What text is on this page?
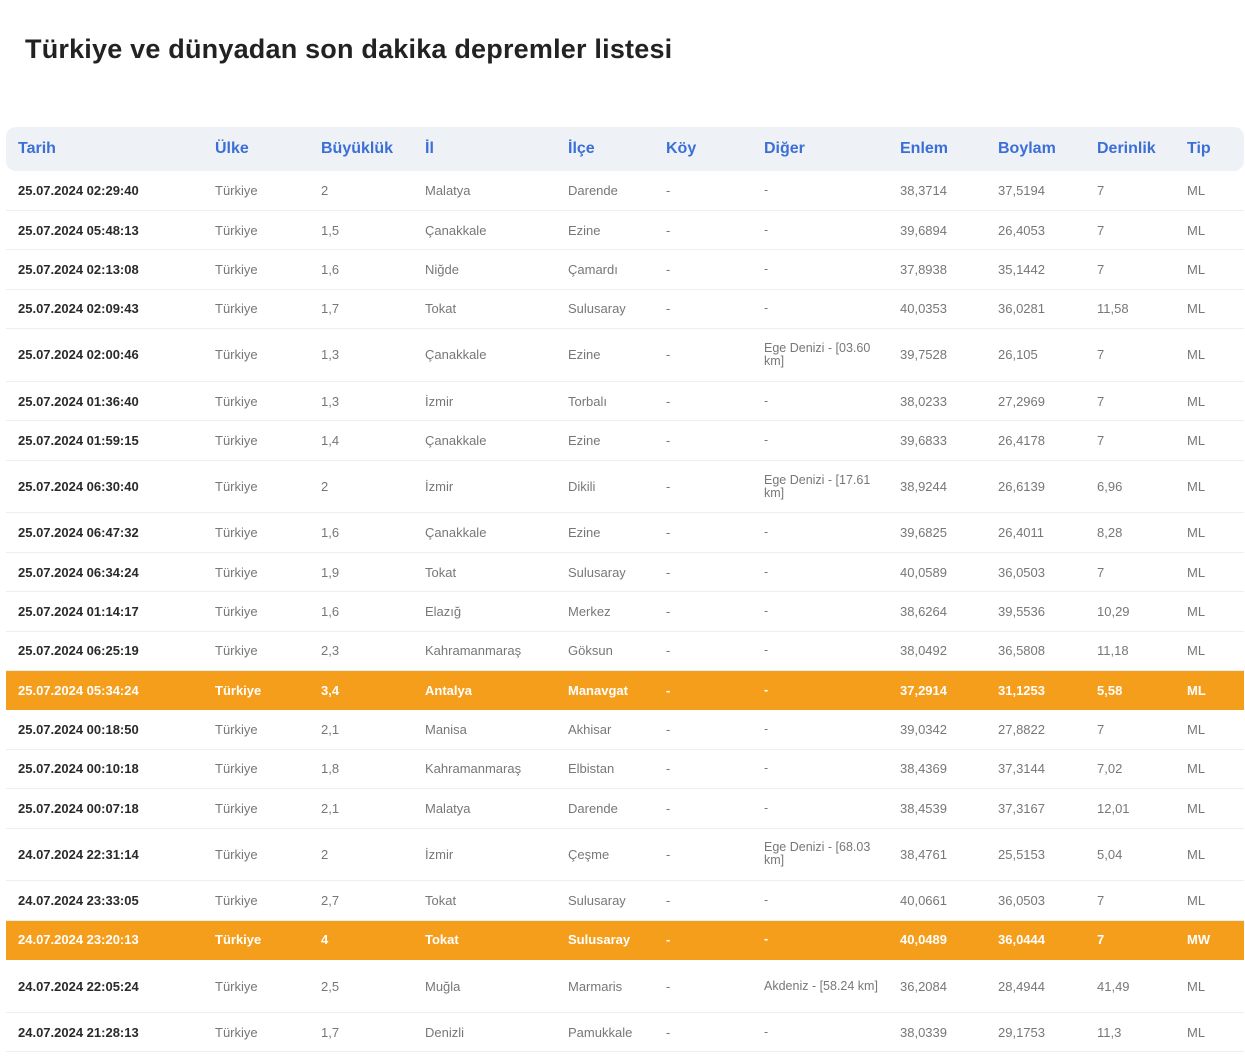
Türkiye ve dünyadan son dakika depremler listesi
Tarih	Ülke	Büyüklük	İl	İlçe	Köy	Diğer	Enlem	Boylam	Derinlik	Tip
25.07.2024 02:29:40	Türkiye	2	Malatya	Darende	-	-	38,3714	37,5194	7	ML
25.07.2024 05:48:13	Türkiye	1,5	Çanakkale	Ezine	-	-	39,6894	26,4053	7	ML
25.07.2024 02:13:08	Türkiye	1,6	Niğde	Çamardı	-	-	37,8938	35,1442	7	ML
25.07.2024 02:09:43	Türkiye	1,7	Tokat	Sulusaray	-	-	40,0353	36,0281	11,58	ML
25.07.2024 02:00:46	Türkiye	1,3	Çanakkale	Ezine	-	Ege Denizi - [03.60 km]	39,7528	26,105	7	ML
25.07.2024 01:36:40	Türkiye	1,3	İzmir	Torbalı	-	-	38,0233	27,2969	7	ML
25.07.2024 01:59:15	Türkiye	1,4	Çanakkale	Ezine	-	-	39,6833	26,4178	7	ML
25.07.2024 06:30:40	Türkiye	2	İzmir	Dikili	-	Ege Denizi - [17.61 km]	38,9244	26,6139	6,96	ML
25.07.2024 06:47:32	Türkiye	1,6	Çanakkale	Ezine	-	-	39,6825	26,4011	8,28	ML
25.07.2024 06:34:24	Türkiye	1,9	Tokat	Sulusaray	-	-	40,0589	36,0503	7	ML
25.07.2024 01:14:17	Türkiye	1,6	Elazığ	Merkez	-	-	38,6264	39,5536	10,29	ML
25.07.2024 06:25:19	Türkiye	2,3	Kahramanmaraş	Göksun	-	-	38,0492	36,5808	11,18	ML
25.07.2024 05:34:24	Türkiye	3,4	Antalya	Manavgat	-	-	37,2914	31,1253	5,58	ML
25.07.2024 00:18:50	Türkiye	2,1	Manisa	Akhisar	-	-	39,0342	27,8822	7	ML
25.07.2024 00:10:18	Türkiye	1,8	Kahramanmaraş	Elbistan	-	-	38,4369	37,3144	7,02	ML
25.07.2024 00:07:18	Türkiye	2,1	Malatya	Darende	-	-	38,4539	37,3167	12,01	ML
24.07.2024 22:31:14	Türkiye	2	İzmir	Çeşme	-	Ege Denizi - [68.03 km]	38,4761	25,5153	5,04	ML
24.07.2024 23:33:05	Türkiye	2,7	Tokat	Sulusaray	-	-	40,0661	36,0503	7	ML
24.07.2024 23:20:13	Türkiye	4	Tokat	Sulusaray	-	-	40,0489	36,0444	7	MW
24.07.2024 22:05:24	Türkiye	2,5	Muğla	Marmaris	-	Akdeniz - [58.24 km]	36,2084	28,4944	41,49	ML
24.07.2024 21:28:13	Türkiye	1,7	Denizli	Pamukkale	-	-	38,0339	29,1753	11,3	ML
